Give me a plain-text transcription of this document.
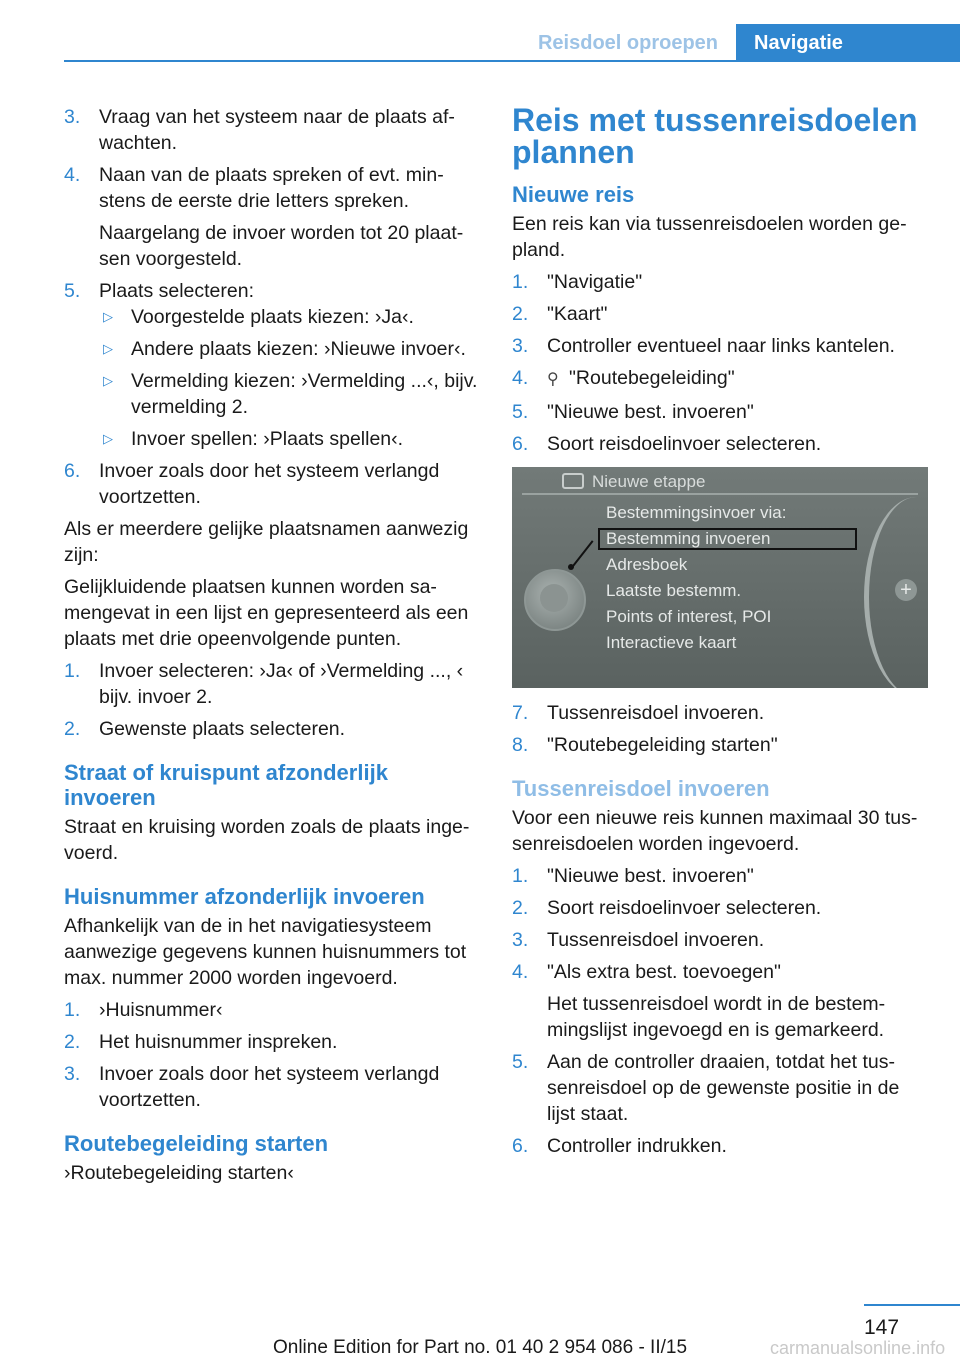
Reisdoel oproepen	Navigatie
3. Vraag van het systeem naar de plaats af-wachten.
4. Naan van de plaats spreken of evt. min-stens de eerste drie letters spreken.
Naargelang de invoer worden tot 20 plaat-sen voorgesteld.
5. Plaats selecteren:
▷ Voorgestelde plaats kiezen: ›Ja‹.
▷ Andere plaats kiezen: ›Nieuwe invoer‹.
▷ Vermelding kiezen: ›Vermelding ...‹, bijv. vermelding 2.
▷ Invoer spellen: ›Plaats spellen‹.
6. Invoer zoals door het systeem verlangd voortzetten.

Als er meerdere gelijke plaatsnamen aanwezig zijn:

Gelijkluidende plaatsen kunnen worden sa-mengevat in een lijst en gepresenteerd als een plaats met drie opeenvolgende punten.

1. Invoer selecteren: ›Ja‹ of ›Vermelding ..., ‹ bijv. invoer 2.
2. Gewenste plaats selecteren.
Straat of kruispunt afzonderlijk invoeren

Straat en kruising worden zoals de plaats inge-voerd.

Huisnummer afzonderlijk invoeren

Afhankelijk van de in het navigatiesysteem aanwezige gegevens kunnen huisnummers tot max. nummer 2000 worden ingevoerd.

1. ›Huisnummer‹
2. Het huisnummer inspreken.
3. Invoer zoals door het systeem verlangd voortzetten.
Routebegeleiding starten

›Routebegeleiding starten‹

Reis met tussenreisdoelen plannen
Nieuwe reis

Een reis kan via tussenreisdoelen worden ge-pland.

1. "Navigatie"
2. "Kaart"
3. Controller eventueel naar links kantelen.
4. ⚲ "Routebegeleiding"
5. "Nieuwe best. invoeren"
6. Soort reisdoelinvoer selecteren.
Nieuwe etappe
Bestemmingsinvoer via:
Bestemming invoeren
Adresboek
Laatste bestemm.
Points of interest, POI
Interactieve kaart
+
7. Tussenreisdoel invoeren.
8. "Routebegeleiding starten"
Tussenreisdoel invoeren

Voor een nieuwe reis kunnen maximaal 30 tus-senreisdoelen worden ingevoerd.

1. "Nieuwe best. invoeren"
2. Soort reisdoelinvoer selecteren.
3. Tussenreisdoel invoeren.
4. "Als extra best. toevoegen"
Het tussenreisdoel wordt in de bestem-mingslijst ingevoegd en is gemarkeerd.
5. Aan de controller draaien, totdat het tus-senreisdoel op de gewenste positie in de lijst staat.
6. Controller indrukken.
147
carmanualsonline.info
Online Edition for Part no. 01 40 2 954 086 - II/15
